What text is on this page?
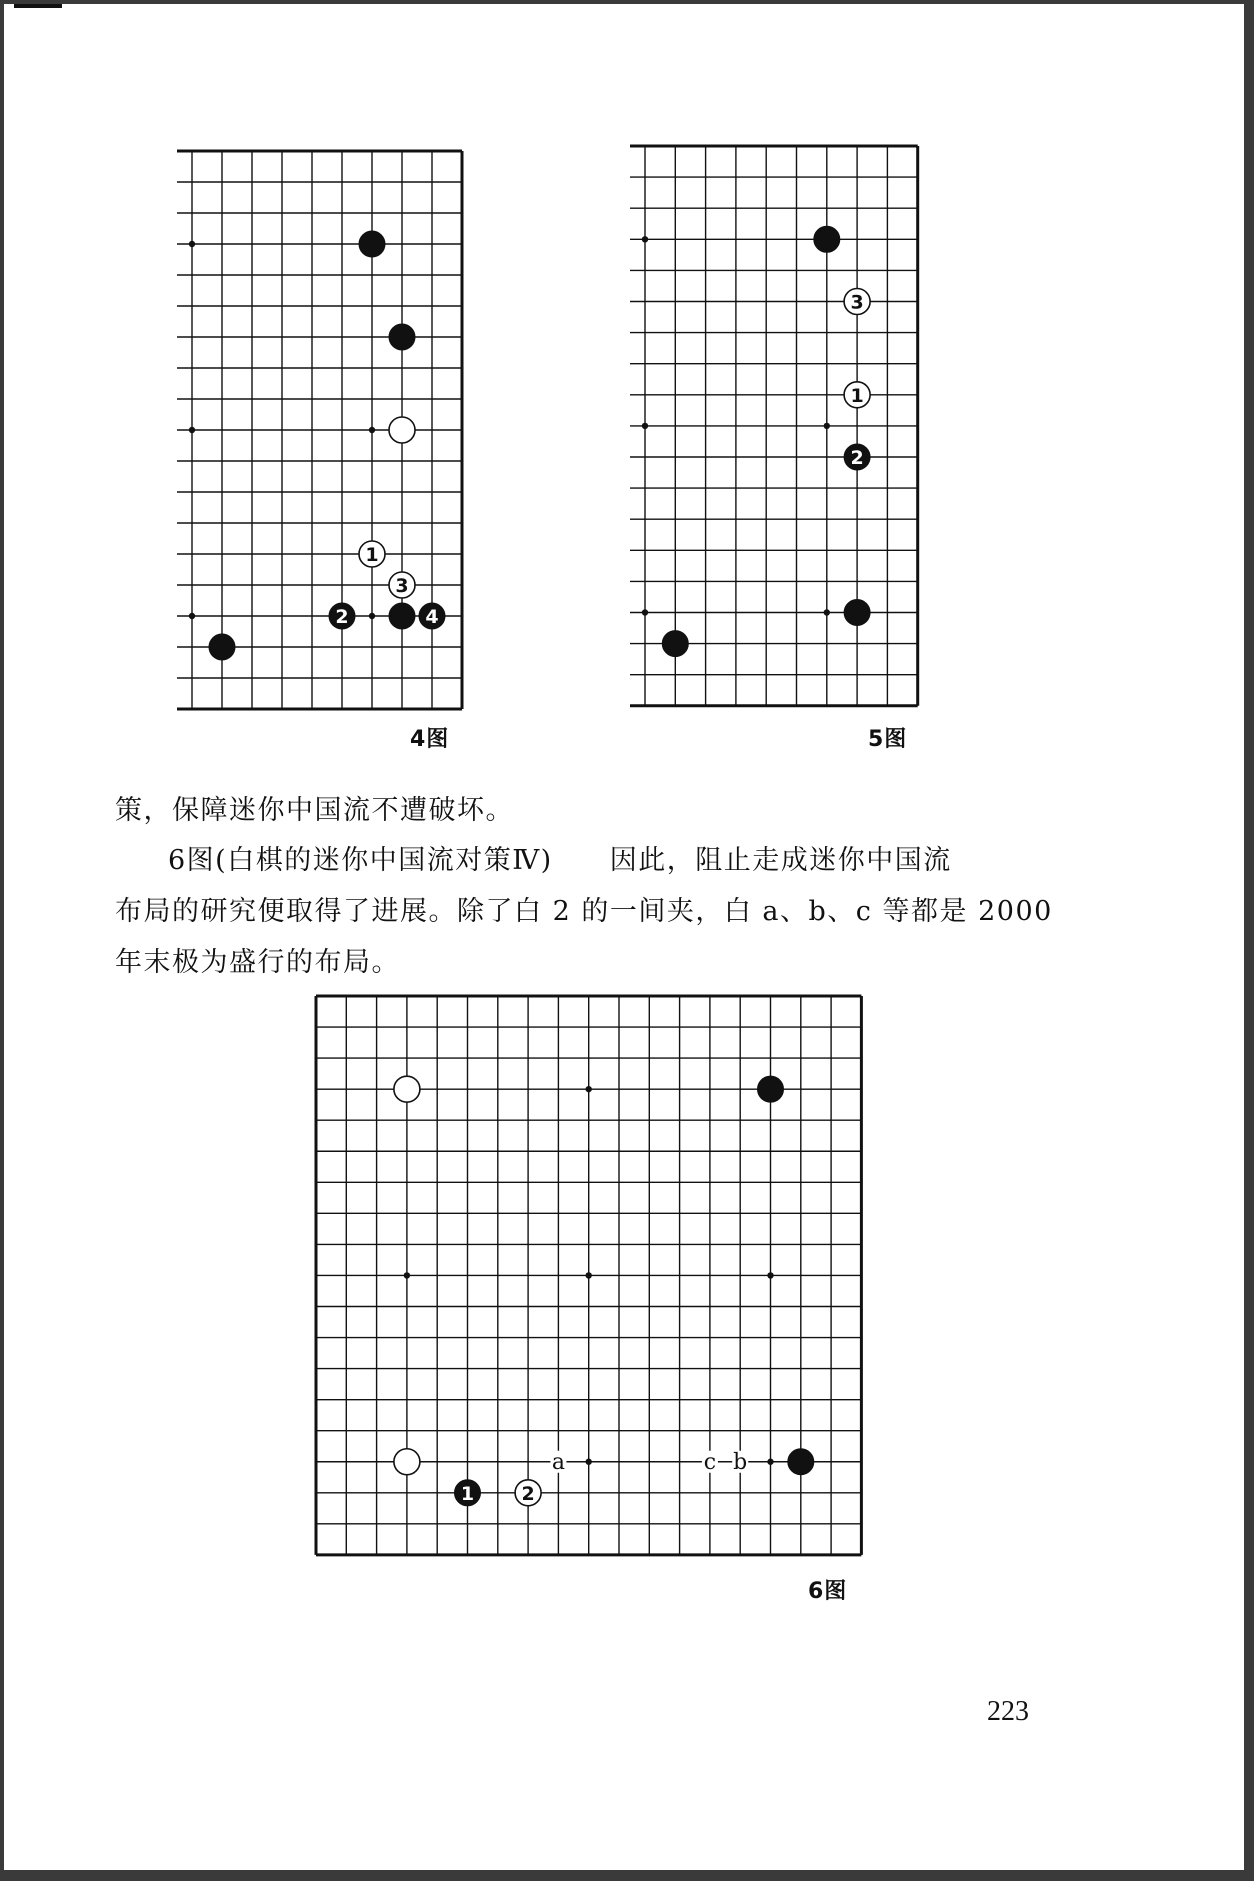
1
3
2	4
4图
3
1
2
5图
策，保障迷你中国流不遭破坏。
6图(白棋的迷你中国流对策Ⅳ)　　因此，阻止走成迷你中国流
布局的研究便取得了进展。除了白 2 的一间夹，白 a、b、c 等都是 2000
年末极为盛行的布局。
a	c b
1 2
6图
223
